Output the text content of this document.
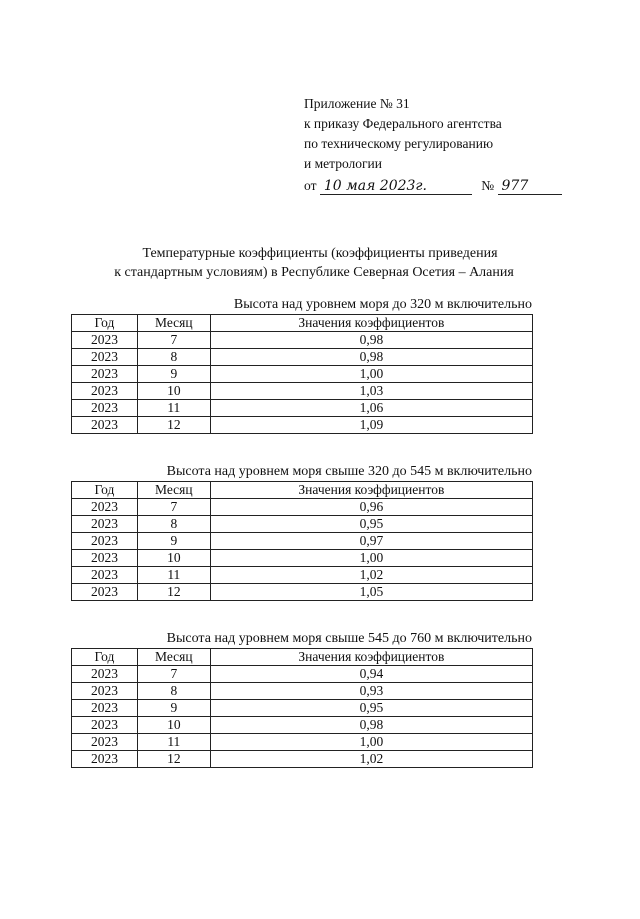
Приложение № 31
к приказу Федерального агентства
по техническому регулированию
и метрологии
от 10 мая 2023г.	№ 977
Температурные коэффициенты (коэффициенты приведения
к стандартным условиям) в Республике Северная Осетия – Алания
Высота над уровнем моря до 320 м включительно
Год	Месяц	Значения коэффициентов
2023	7	0,98
2023	8	0,98
2023	9	1,00
2023	10	1,03
2023	11	1,06
2023	12	1,09
Высота над уровнем моря свыше 320 до 545 м включительно
Год	Месяц	Значения коэффициентов
2023	7	0,96
2023	8	0,95
2023	9	0,97
2023	10	1,00
2023	11	1,02
2023	12	1,05
Высота над уровнем моря свыше 545 до 760 м включительно
Год	Месяц	Значения коэффициентов
2023	7	0,94
2023	8	0,93
2023	9	0,95
2023	10	0,98
2023	11	1,00
2023	12	1,02
